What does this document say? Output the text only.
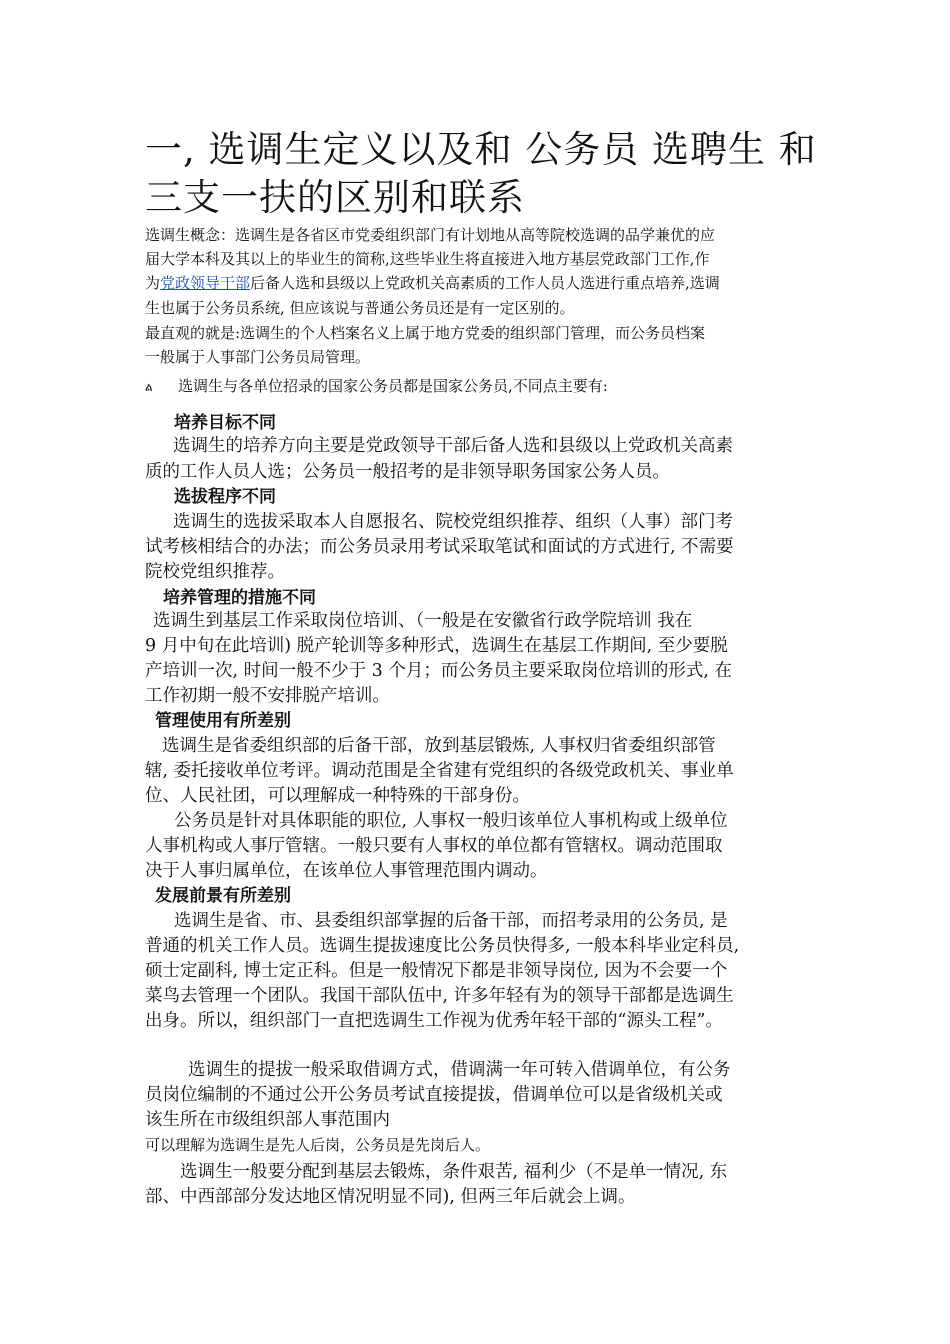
一, 选调生定义以及和 公务员 选聘生 和
三支一扶的区别和联系
选调生概念：选调生是各省区市党委组织部门有计划地从高等院校选调的品学兼优的应
届大学本科及其以上的毕业生的简称,这些毕业生将直接进入地方基层党政部门工作,作
为党政领导干部后备人选和县级以上党政机关高素质的工作人员人选进行重点培养,选调
生也属于公务员系统, 但应该说与普通公务员还是有一定区别的。
最直观的就是:选调生的个人档案名义上属于地方党委的组织部门管理，而公务员档案
一般属于人事部门公务员局管理。
ል 选调生与各单位招录的国家公务员都是国家公务员,不同点主要有:
培养目标不同
选调生的培养方向主要是党政领导干部后备人选和县级以上党政机关高素
质的工作人员人选；公务员一般招考的是非领导职务国家公务人员。
选拔程序不同
选调生的选拔采取本人自愿报名、院校党组织推荐、组织（人事）部门考
试考核相结合的办法；而公务员录用考试采取笔试和面试的方式进行, 不需要
院校党组织推荐。
培养管理的措施不同
选调生到基层工作采取岗位培训、（一般是在安徽省行政学院培训 我在
9 月中旬在此培训) 脱产轮训等多种形式，选调生在基层工作期间, 至少要脱
产培训一次, 时间一般不少于 3 个月；而公务员主要采取岗位培训的形式, 在
工作初期一般不安排脱产培训。
管理使用有所差别
选调生是省委组织部的后备干部，放到基层锻炼, 人事权归省委组织部管
辖, 委托接收单位考评。调动范围是全省建有党组织的各级党政机关、事业单
位、人民社团，可以理解成一种特殊的干部身份。
公务员是针对具体职能的职位, 人事权一般归该单位人事机构或上级单位
人事机构或人事厅管辖。一般只要有人事权的单位都有管辖权。调动范围取
决于人事归属单位，在该单位人事管理范围内调动。
发展前景有所差别
选调生是省、市、县委组织部掌握的后备干部，而招考录用的公务员, 是
普通的机关工作人员。选调生提拔速度比公务员快得多, 一般本科毕业定科员,
硕士定副科, 博士定正科。但是一般情况下都是非领导岗位, 因为不会要一个
菜鸟去管理一个团队。我国干部队伍中, 许多年轻有为的领导干部都是选调生
出身。所以，组织部门一直把选调生工作视为优秀年轻干部的“源头工程”。
选调生的提拔一般采取借调方式，借调满一年可转入借调单位，有公务
员岗位编制的不通过公开公务员考试直接提拔，借调单位可以是省级机关或
该生所在市级组织部人事范围内
可以理解为选调生是先人后岗，公务员是先岗后人。
选调生一般要分配到基层去锻炼，条件艰苦, 福利少（不是单一情况, 东
部、中西部部分发达地区情况明显不同), 但两三年后就会上调。
